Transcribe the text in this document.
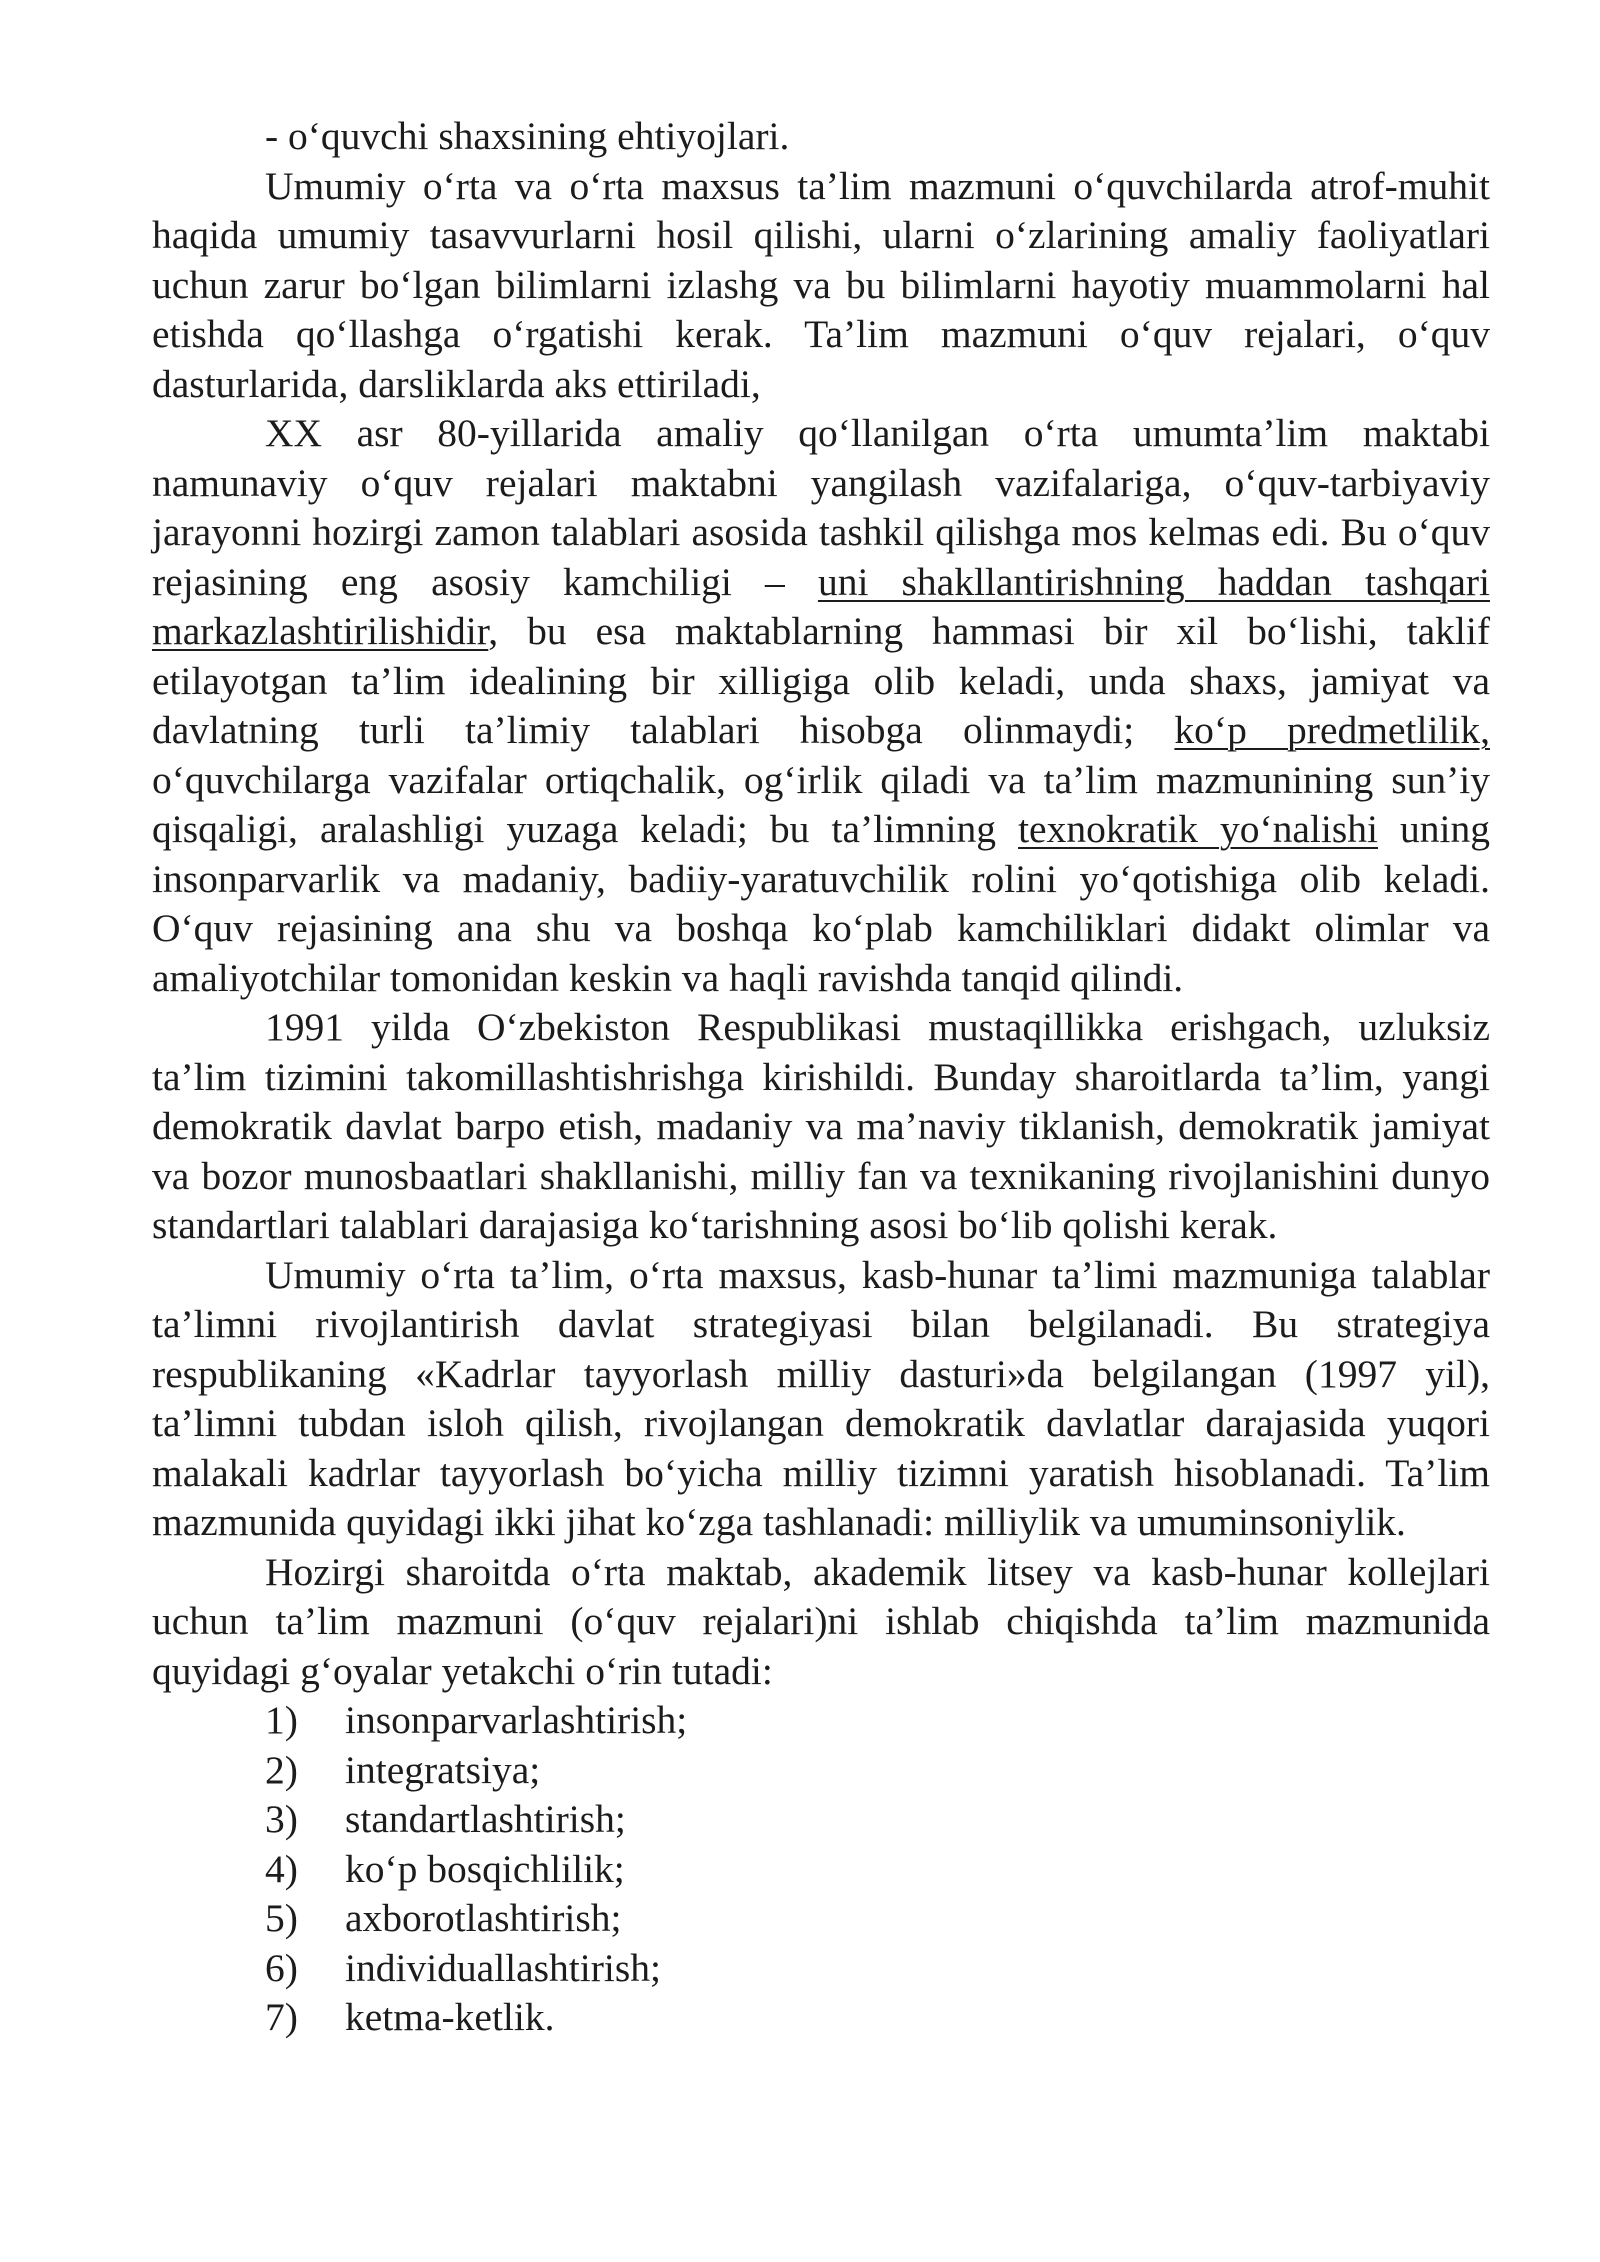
- o‘quvchi shaxsining ehtiyojlari.

Umumiy o‘rta va o‘rta maxsus ta’lim mazmuni o‘quvchilarda atrof-muhit haqida umumiy tasavvurlarni hosil qilishi, ularni o‘zlarining amaliy faoliyatlari uchun zarur bo‘lgan bilimlarni izlashg va bu bilimlarni hayotiy muammolarni hal etishda qo‘llashga o‘rgatishi kerak. Ta’lim mazmuni o‘quv rejalari, o‘quv dasturlarida, darsliklarda aks ettiriladi,

XX asr 80-yillarida amaliy qo‘llanilgan o‘rta umumta’lim maktabi namunaviy o‘quv rejalari maktabni yangilash vazifalariga, o‘quv-tarbiyaviy jarayonni hozirgi zamon talablari asosida tashkil qilishga mos kelmas edi. Bu o‘quv rejasining eng asosiy kamchiligi – uni shakllantirishning haddan tashqari markazlashtirilishidir, bu esa maktablarning hammasi bir xil bo‘lishi, taklif etilayotgan ta’lim idealining bir xilligiga olib keladi, unda shaxs, jamiyat va davlatning turli ta’limiy talablari hisobga olinmaydi; ko‘p predmetlilik, o‘quvchilarga vazifalar ortiqchalik, og‘irlik qiladi va ta’lim mazmunining sun’iy qisqaligi, aralashligi yuzaga keladi; bu ta’limning texnokratik yo‘nalishi uning insonparvarlik va madaniy, badiiy-yaratuvchilik rolini yo‘qotishiga olib keladi. O‘quv rejasining ana shu va boshqa ko‘plab kamchiliklari didakt olimlar va amaliyotchilar tomonidan keskin va haqli ravishda tanqid qilindi.

1991 yilda O‘zbekiston Respublikasi mustaqillikka erishgach, uzluksiz ta’lim tizimini takomillashtishrishga kirishildi. Bunday sharoitlarda ta’lim, yangi demokratik davlat barpo etish, madaniy va ma’naviy tiklanish, demokratik jamiyat va bozor munosbaatlari shakllanishi, milliy fan va texnikaning rivojlanishini dunyo standartlari talablari darajasiga ko‘tarishning asosi bo‘lib qolishi kerak.

Umumiy o‘rta ta’lim, o‘rta maxsus, kasb-hunar ta’limi mazmuniga talablar ta’limni rivojlantirish davlat strategiyasi bilan belgilanadi. Bu strategiya respublikaning «Kadrlar tayyorlash milliy dasturi»da belgilangan (1997 yil), ta’limni tubdan isloh qilish, rivojlangan demokratik davlatlar darajasida yuqori malakali kadrlar tayyorlash bo‘yicha milliy tizimni yaratish hisoblanadi. Ta’lim mazmunida quyidagi ikki jihat ko‘zga tashlanadi: milliylik va umuminsoniylik.

Hozirgi sharoitda o‘rta maktab, akademik litsey va kasb-hunar kollejlari uchun ta’lim mazmuni (o‘quv rejalari)ni ishlab chiqishda ta’lim mazmunida quyidagi g‘oyalar yetakchi o‘rin tutadi:

1)	insonparvarlashtirish;
2)	integratsiya;
3)	standartlashtirish;
4)	ko‘p bosqichlilik;
5)	axborotlashtirish;
6)	individuallashtirish;
7)	ketma-ketlik.
